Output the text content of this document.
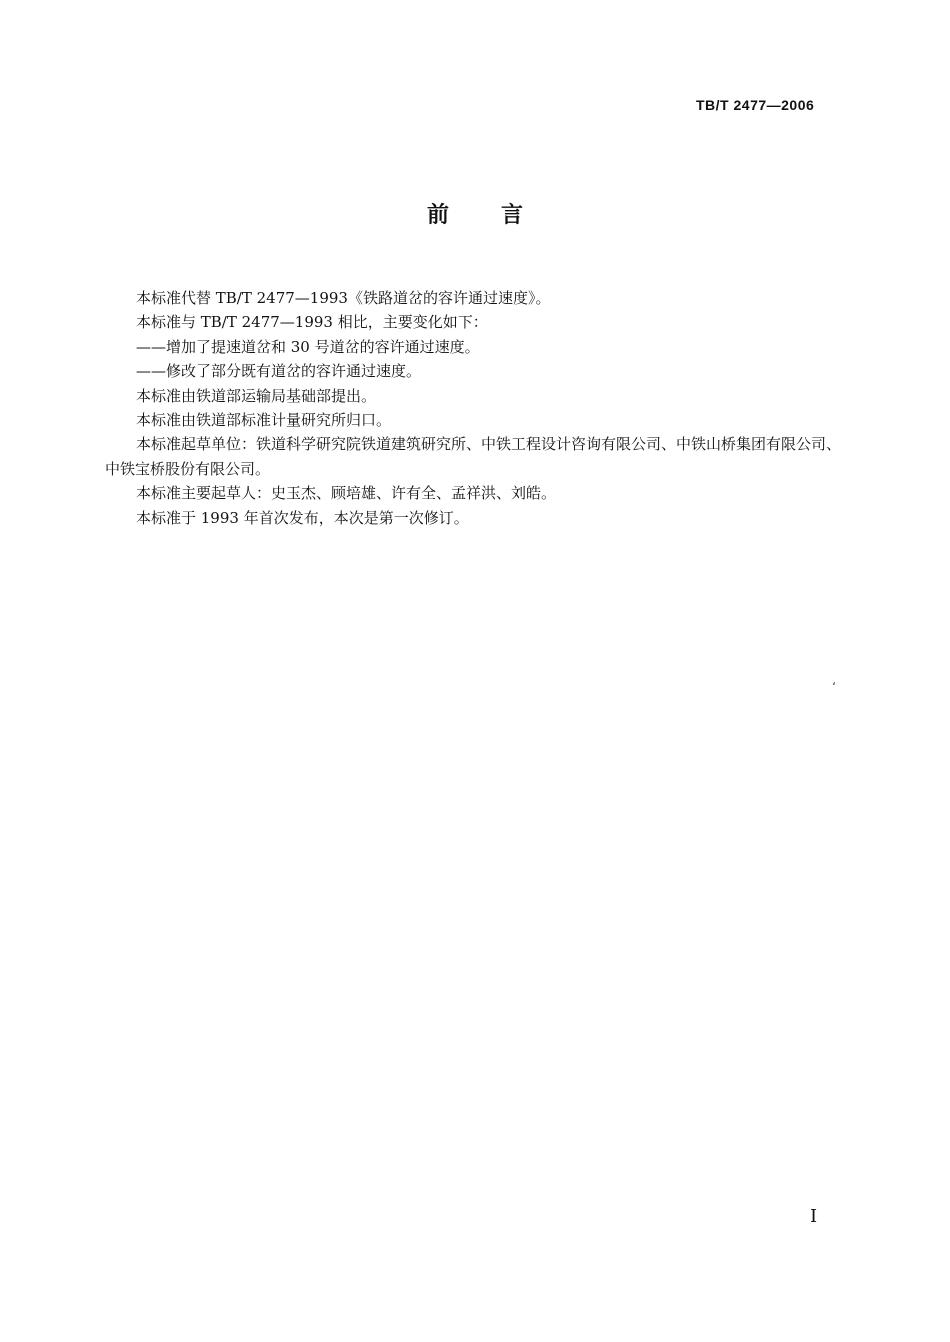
TB/T 2477—2006
前 言

本标准代替 TB/T 2477—1993《铁路道岔的容许通过速度》。

本标准与 TB/T 2477—1993 相比，主要变化如下：

——增加了提速道岔和 30 号道岔的容许通过速度。

——修改了部分既有道岔的容许通过速度。

本标准由铁道部运输局基础部提出。

本标准由铁道部标准计量研究所归口。

本标准起草单位：铁道科学研究院铁道建筑研究所、中铁工程设计咨询有限公司、中铁山桥集团有限公司、中铁宝桥股份有限公司。

本标准主要起草人：史玉杰、顾培雄、许有全、孟祥洪、刘皓。

本标准于 1993 年首次发布，本次是第一次修订。

‘
I
